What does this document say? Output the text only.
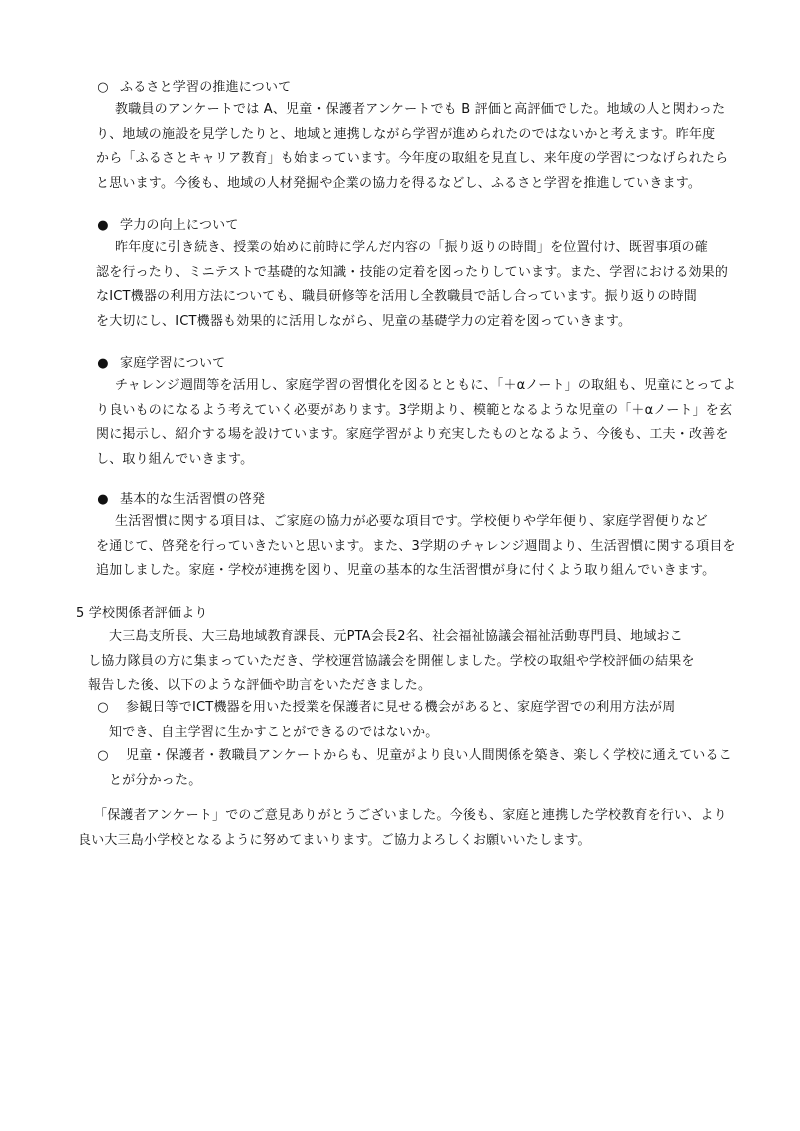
○ ふるさと学習の推進について
教職員のアンケートでは A、児童・保護者アンケートでも B 評価と高評価でした。地域の人と関わった
り、地域の施設を見学したりと、地域と連携しながら学習が進められたのではないかと考えます。昨年度
から「ふるさとキャリア教育」も始まっています。今年度の取組を見直し、来年度の学習につなげられたら
と思います。今後も、地域の人材発掘や企業の協力を得るなどし、ふるさと学習を推進していきます。
● 学力の向上について
昨年度に引き続き、授業の始めに前時に学んだ内容の「振り返りの時間」を位置付け、既習事項の確
認を行ったり、ミニテストで基礎的な知識・技能の定着を図ったりしています。また、学習における効果的
なICT機器の利用方法についても、職員研修等を活用し全教職員で話し合っています。振り返りの時間
を大切にし、ICT機器も効果的に活用しながら、児童の基礎学力の定着を図っていきます。
● 家庭学習について
チャレンジ週間等を活用し、家庭学習の習慣化を図るとともに、「＋αノート」の取組も、児童にとってよ
り良いものになるよう考えていく必要があります。3学期より、模範となるような児童の「＋αノート」を玄
関に掲示し、紹介する場を設けています。家庭学習がより充実したものとなるよう、今後も、工夫・改善を
し、取り組んでいきます。
● 基本的な生活習慣の啓発
生活習慣に関する項目は、ご家庭の協力が必要な項目です。学校便りや学年便り、家庭学習便りなど
を通じて、啓発を行っていきたいと思います。また、3学期のチャレンジ週間より、生活習慣に関する項目を
追加しました。家庭・学校が連携を図り、児童の基本的な生活習慣が身に付くよう取り組んでいきます。
5 学校関係者評価より
大三島支所長、大三島地域教育課長、元PTA会長2名、社会福祉協議会福祉活動専門員、地域おこ
し協力隊員の方に集まっていただき、学校運営協議会を開催しました。学校の取組や学校評価の結果を
報告した後、以下のような評価や助言をいただきました。
○	参観日等でICT機器を用いた授業を保護者に見せる機会があると、家庭学習での利用方法が周
知でき、自主学習に生かすことができるのではないか。
○	児童・保護者・教職員アンケートからも、児童がより良い人間関係を築き、楽しく学校に通えているこ
とが分かった。
「保護者アンケート」でのご意見ありがとうございました。今後も、家庭と連携した学校教育を行い、より
良い大三島小学校となるように努めてまいります。ご協力よろしくお願いいたします。
